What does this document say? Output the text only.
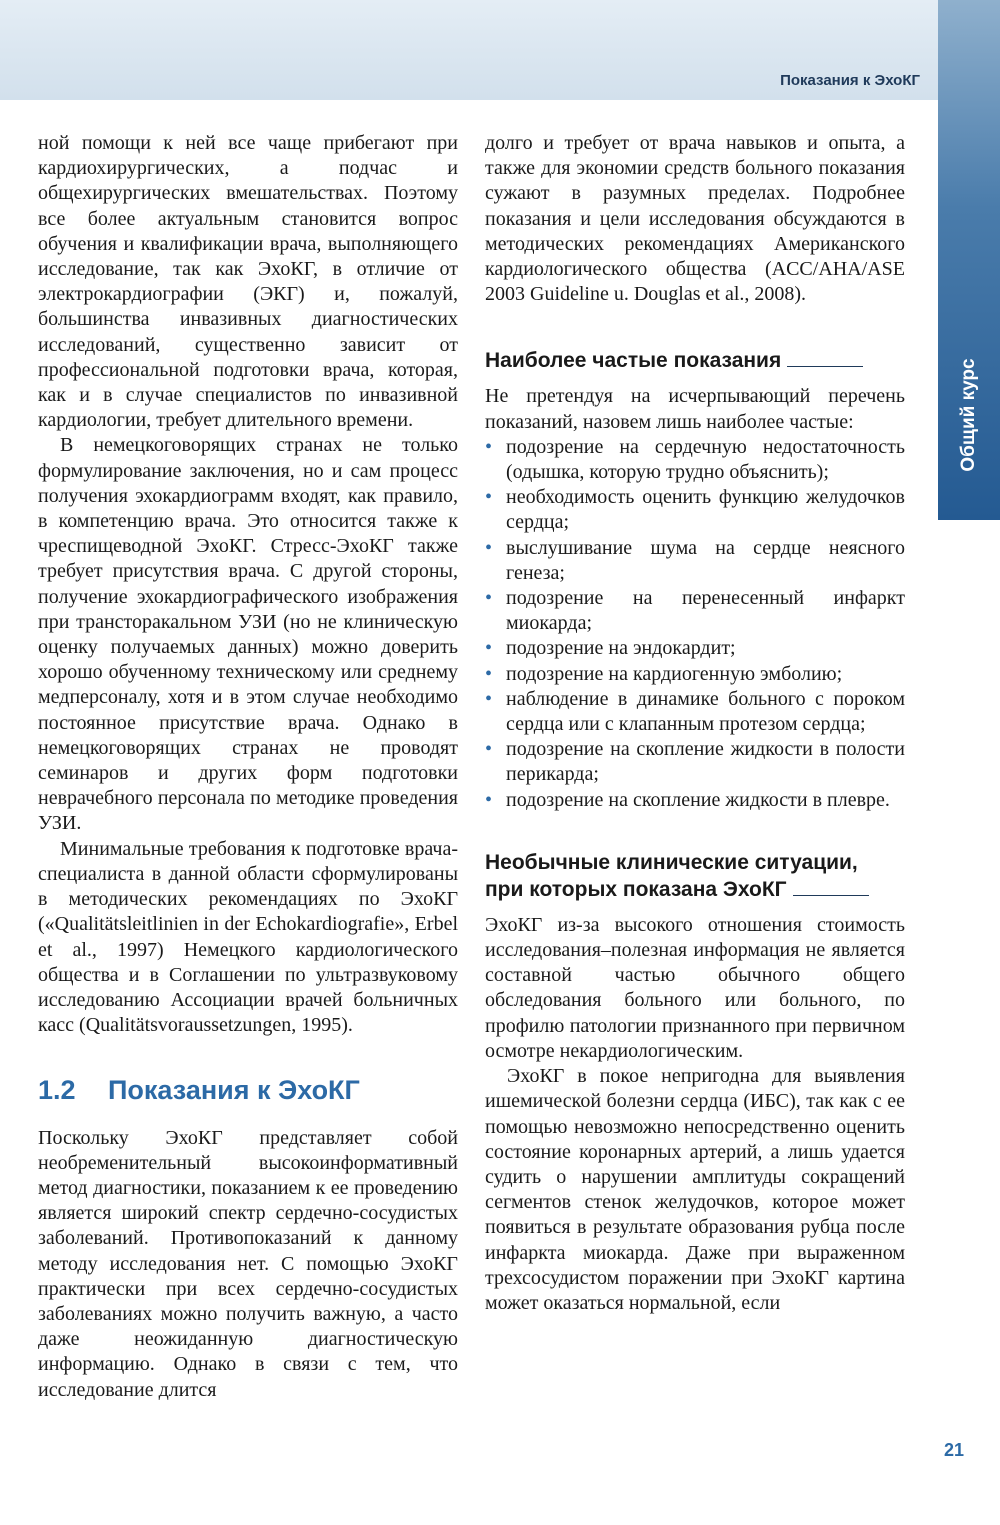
Показания к ЭхоКГ
Общий курс

ной помощи к ней все чаще прибегают при кардиохирургических, а подчас и общехирургических вмешательствах. Поэтому все более актуальным становится вопрос обучения и квалификации врача, выполняющего исследование, так как ЭхоКГ, в отличие от электрокардиографии (ЭКГ) и, пожалуй, большинства инвазивных диагностических исследований, существенно зависит от профессиональной подготовки врача, которая, как и в случае специалистов по инвазивной кардиологии, требует длительного времени.

В немецкоговорящих странах не только формулирование заключения, но и сам процесс получения эхокардиограмм входят, как правило, в компетенцию врача. Это относится также к чреспищеводной ЭхоКГ. Стресс-ЭхоКГ также требует присутствия врача. С другой стороны, получение эхокардиографического изображения при трансторакальном УЗИ (но не клиническую оценку получаемых данных) можно доверить хорошо обученному техническому или среднему медперсоналу, хотя и в этом случае необходимо постоянное присутствие врача. Однако в немецкоговорящих странах не проводят семинаров и других форм подготовки неврачебного персонала по методике проведения УЗИ.

Минимальные требования к подготовке врача-специалиста в данной области сформулированы в методических рекомендациях по ЭхоКГ («Qualitätsleitlinien in der Echokardiografie», Erbel et al., 1997) Немецкого кардиологического общества и в Соглашении по ультразвуковому исследованию Ассоциации врачей больничных касс (Qualitätsvoraussetzungen, 1995).

1.2	Показания к ЭхоКГ

Поскольку ЭхоКГ представляет собой необременительный высокоинформативный метод диагностики, показанием к ее проведению является широкий спектр сердечно-сосудистых заболеваний. Противопоказаний к данному методу исследования нет. С помощью ЭхоКГ практически при всех сердечно-сосудистых заболеваниях можно получить важную, а часто даже неожиданную диагностическую информацию. Однако в связи с тем, что исследование длится

долго и требует от врача навыков и опыта, а также для экономии средств больного показания сужают в разумных пределах. Подробнее показания и цели исследования обсуждаются в методических рекомендациях Американского кардиологического общества (ACC/AHA/ASE 2003 Guideline u. Douglas et al., 2008).

Наиболее частые показания

Не претендуя на исчерпывающий перечень показаний, назовем лишь наиболее частые:

• подозрение на сердечную недостаточность (одышка, которую трудно объяснить);
• необходимость оценить функцию желудочков сердца;
• выслушивание шума на сердце неясного генеза;
• подозрение на перенесенный инфаркт миокарда;
• подозрение на эндокардит;
• подозрение на кардиогенную эмболию;
• наблюдение в динамике больного с пороком сердца или с клапанным протезом сердца;
• подозрение на скопление жидкости в полости перикарда;
• подозрение на скопление жидкости в плевре.
Необычные клинические ситуации,
при которых показана ЭхоКГ

ЭхоКГ из-за высокого отношения стоимость исследования–полезная информация не является составной частью обычного общего обследования больного или больного, по профилю патологии признанного при первичном осмотре некардиологическим.

ЭхоКГ в покое непригодна для выявления ишемической болезни сердца (ИБС), так как с ее помощью невозможно непосредственно оценить состояние коронарных артерий, а лишь удается судить о нарушении амплитуды сокращений сегментов стенок желудочков, которое может появиться в результате образования рубца после инфаркта миокарда. Даже при выраженном трехсосудистом поражении при ЭхоКГ картина может оказаться нормальной, если

21
